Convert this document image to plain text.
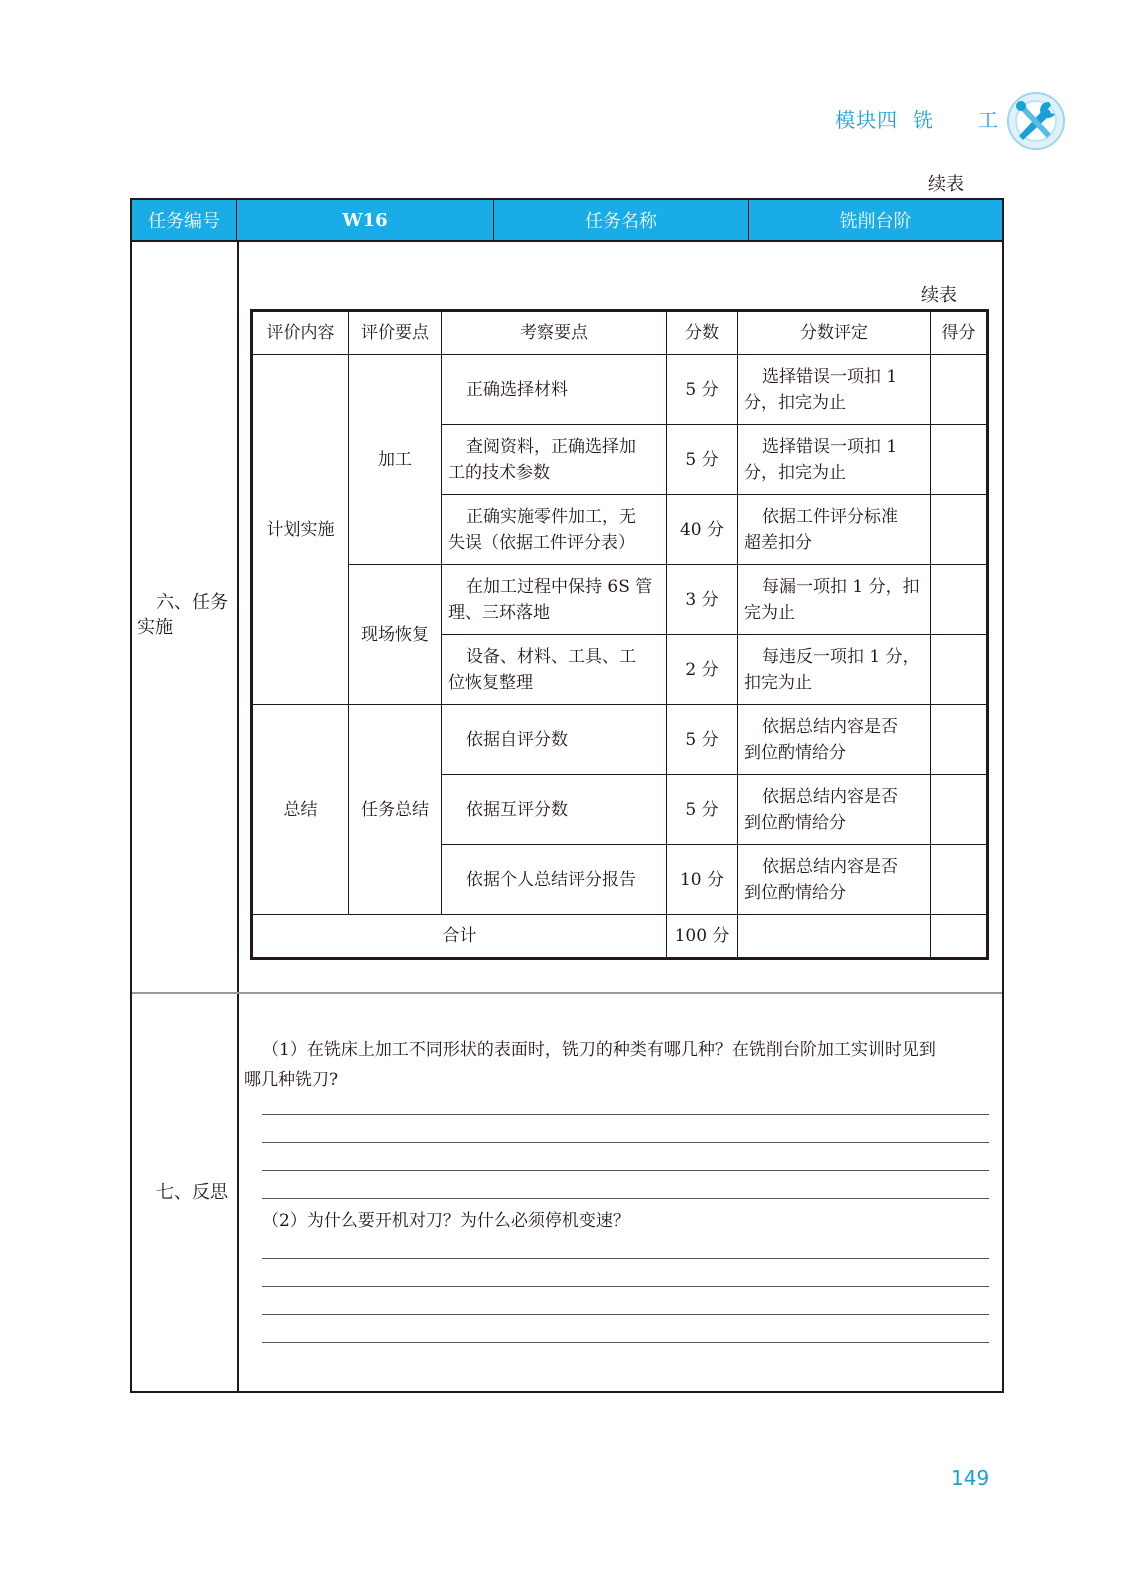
模块四  铣      工
续表
任务编号	W16	任务名称	铣削台阶
六、任务
实施
续表
评价内容	评价要点	考察要点	分数	分数评定	得分
计划实施	加工	正确选择材料	5 分	选择错误一项扣 1
分，扣完为止	

		查阅资料，正确选择加
工的技术参数	5 分	选择错误一项扣 1
分，扣完为止	

		正确实施零件加工，无
失误（依据工件评分表）	40 分	依据工件评分标准
超差扣分	

	现场恢复	在加工过程中保持 6S 管
理、三环落地	3 分	每漏一项扣 1 分，扣
完为止	

		设备、材料、工具、工
位恢复整理	2 分	每违反一项扣 1 分，
扣完为止	

总结	任务总结	依据自评分数	5 分	依据总结内容是否
到位酌情给分	

		依据互评分数	5 分	依据总结内容是否
到位酌情给分	

		依据个人总结评分报告	10 分	依据总结内容是否
到位酌情给分	

合计			100 分		
七、反思
（1）在铣床上加工不同形状的表面时，铣刀的种类有哪几种？在铣削台阶加工实训时见到
哪几种铣刀?
（2）为什么要开机对刀？为什么必须停机变速？
149
